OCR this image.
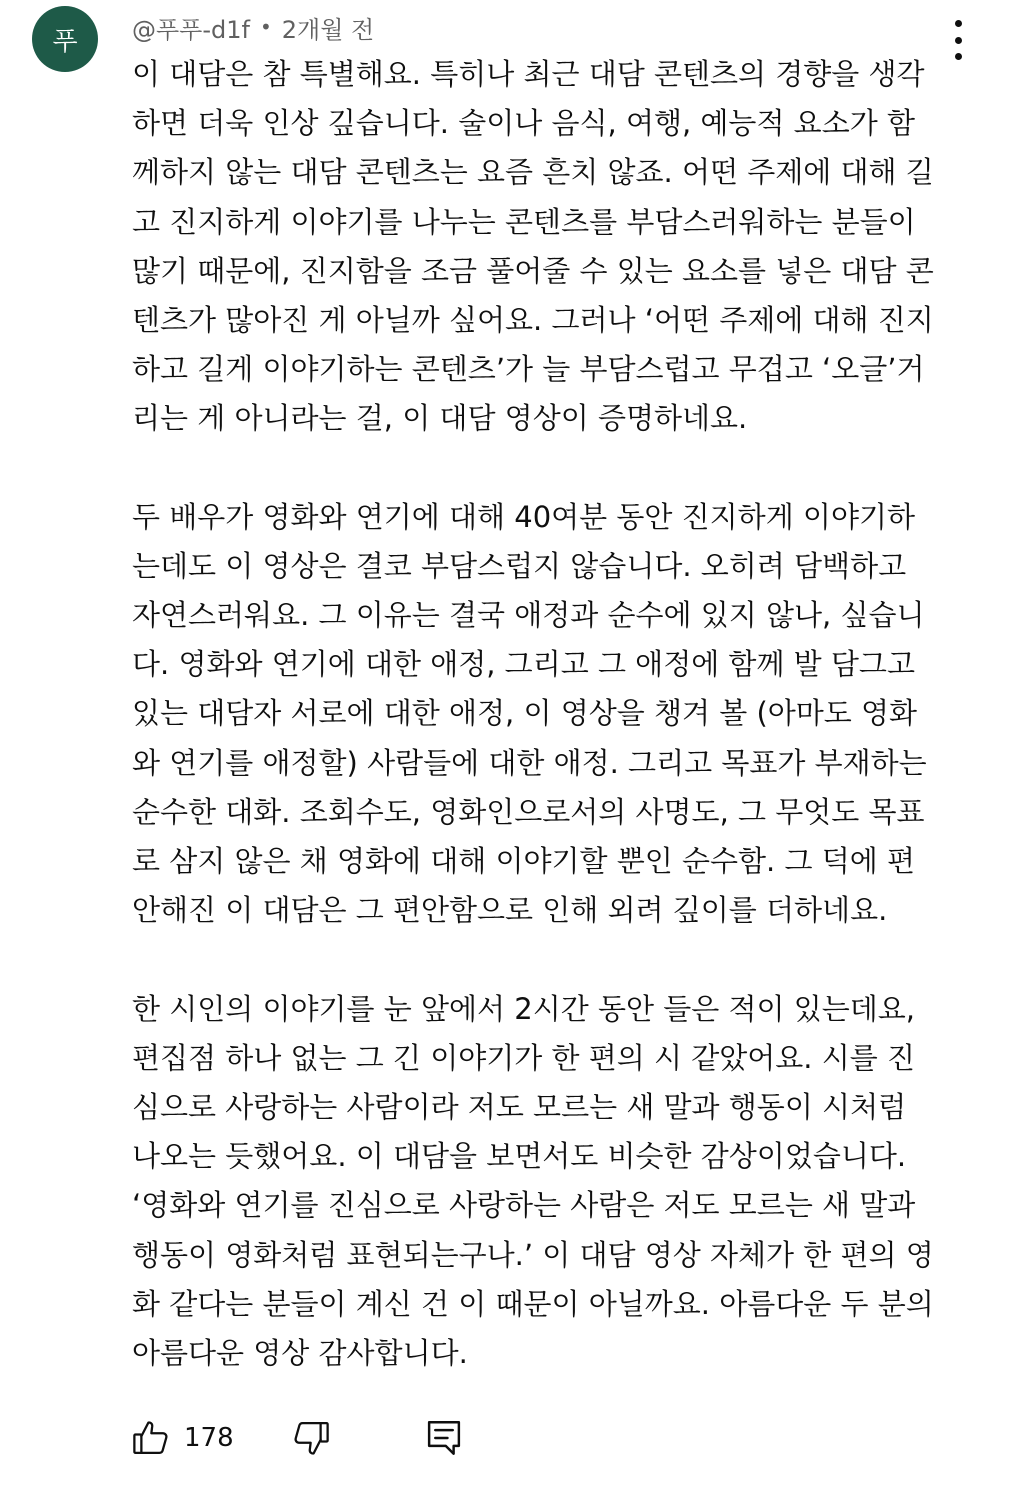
푸 @푸푸-d1f • 2개월 전
이 대담은 참 특별해요. 특히나 최근 대담 콘텐츠의 경향을 생각
하면 더욱 인상 깊습니다. 술이나 음식, 여행, 예능적 요소가 함
께하지 않는 대담 콘텐츠는 요즘 흔치 않죠. 어떤 주제에 대해 길
고 진지하게 이야기를 나누는 콘텐츠를 부담스러워하는 분들이
많기 때문에, 진지함을 조금 풀어줄 수 있는 요소를 넣은 대담 콘
텐츠가 많아진 게 아닐까 싶어요. 그러나 ‘어떤 주제에 대해 진지
하고 길게 이야기하는 콘텐츠’가 늘 부담스럽고 무겁고 ‘오글’거
리는 게 아니라는 걸, 이 대담 영상이 증명하네요.
두 배우가 영화와 연기에 대해 40여분 동안 진지하게 이야기하
는데도 이 영상은 결코 부담스럽지 않습니다. 오히려 담백하고
자연스러워요. 그 이유는 결국 애정과 순수에 있지 않나, 싶습니
다. 영화와 연기에 대한 애정, 그리고 그 애정에 함께 발 담그고
있는 대담자 서로에 대한 애정, 이 영상을 챙겨 볼 (아마도 영화
와 연기를 애정할) 사람들에 대한 애정. 그리고 목표가 부재하는
순수한 대화. 조회수도, 영화인으로서의 사명도, 그 무엇도 목표
로 삼지 않은 채 영화에 대해 이야기할 뿐인 순수함. 그 덕에 편
안해진 이 대담은 그 편안함으로 인해 외려 깊이를 더하네요.
한 시인의 이야기를 눈 앞에서 2시간 동안 들은 적이 있는데요,
편집점 하나 없는 그 긴 이야기가 한 편의 시 같았어요. 시를 진
심으로 사랑하는 사람이라 저도 모르는 새 말과 행동이 시처럼
나오는 듯했어요. 이 대담을 보면서도 비슷한 감상이었습니다.
‘영화와 연기를 진심으로 사랑하는 사람은 저도 모르는 새 말과
행동이 영화처럼 표현되는구나.’ 이 대담 영상 자체가 한 편의 영
화 같다는 분들이 계신 건 이 때문이 아닐까요. 아름다운 두 분의
아름다운 영상 감사합니다.
178
